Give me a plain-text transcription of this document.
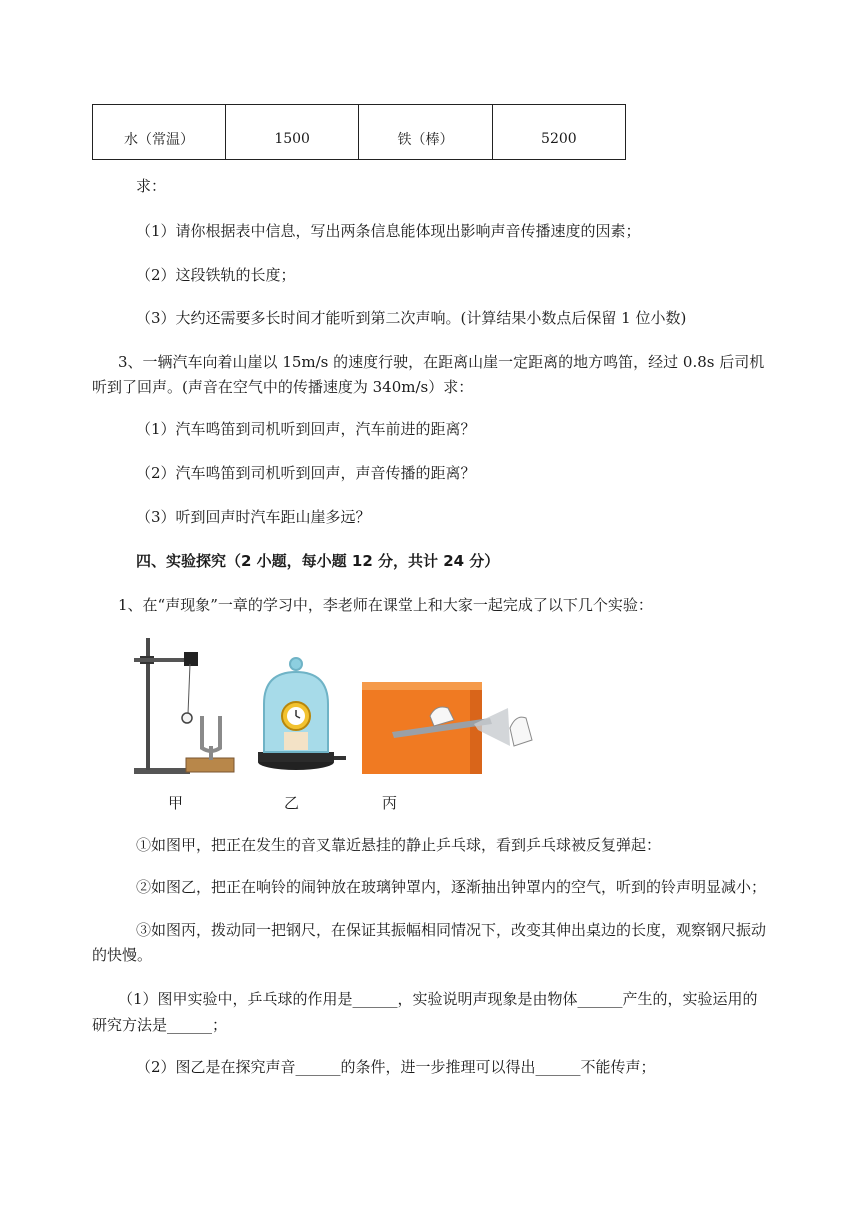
水（常温）	1500	铁（棒）	5200
求：
（1）请你根据表中信息，写出两条信息能体现出影响声音传播速度的因素；
（2）这段铁轨的长度；
（3）大约还需要多长时间才能听到第二次声响。(计算结果小数点后保留 1 位小数)
3、一辆汽车向着山崖以 15m/s 的速度行驶，在距离山崖一定距离的地方鸣笛，经过 0.8s 后司机
听到了回声。(声音在空气中的传播速度为 340m/s）求：
（1）汽车鸣笛到司机听到回声，汽车前进的距离？
（2）汽车鸣笛到司机听到回声，声音传播的距离？
（3）听到回声时汽车距山崖多远？
四、实验探究（2 小题，每小题 12 分，共计 24 分）
1、在“声现象”一章的学习中，李老师在课堂上和大家一起完成了以下几个实验：
甲	乙	丙
①如图甲，把正在发生的音叉靠近悬挂的静止乒乓球，看到乒乓球被反复弹起：
②如图乙，把正在响铃的闹钟放在玻璃钟罩内，逐渐抽出钟罩内的空气，听到的铃声明显减小；
③如图丙，拨动同一把钢尺，在保证其振幅相同情况下，改变其伸出桌边的长度，观察钢尺振动
的快慢。
（1）图甲实验中，乒乓球的作用是______，实验说明声现象是由物体______产生的，实验运用的
研究方法是______；
（2）图乙是在探究声音______的条件，进一步推理可以得出______不能传声；
